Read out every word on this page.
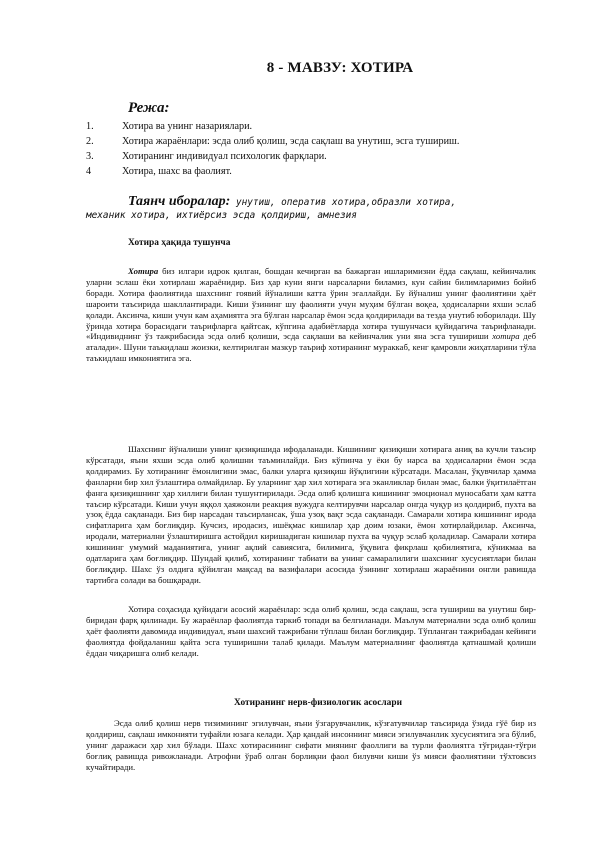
8 - МАВЗУ: ХОТИРА
Режа:
1.	Хотира ва унинг назариялари.
2.	Хотира жараёнлари: эсда олиб қолиш, эсда сақлаш ва унутиш, эсга тушириш.
3.	Хотиранинг индивидуал психологик фарқлари.
4	Хотира, шахс ва фаолият.
Таянч иборалар: унутиш, оператив хотира,образли хотира,
механик хотира, ихтиёрсиз эсда қолдириш, амнезия
Хотира ҳақида тушунча

Хотира биз илгари идрок қилган, бошдан кечирган ва бажарган ишларимизни ёдда сақлаш, кейинчалик уларни эслаш ёки хотирлаш жараёнидир. Биз ҳар куни янги нарсаларни биламиз, кун сайин билимларимиз бойиб боради. Хотира фаолиятида шахснинг гоявий йўналиши катта ўрин эгаллайди. Бу йўналиш унинг фаолиятини ҳаёт шароити таъсирида шакллантиради. Киши ўзининг шу фаолияти учун муҳим бўлган воқеа, ҳодисаларни яхши эслаб қолади. Аксинча, киши учун кам аҳамиятга эга бўлган нарсалар ёмон эсда қолдирилади ва тезда унутиб юборилади. Шу ўринда хотира борасидаги таърифларга қайтсак, кўпгина адабиётларда хотира тушунчаси қуйидагича таърифланади. «Индивиднинг ўз тажрибасида эсда олиб қолиши, эсда сақлаши ва кейинчалик уни яна эсга тушириши хотира деб аталади». Шуни таъкидлаш жоизки, келтирилган мазкур таъриф хотиранинг мураккаб, кенг қамровли жиҳатларини тўла таъкидлаш имкониятига эга.

Шахснинг йўналиши унинг қизиқишида ифодаланади. Кишининг қизиқиши хотирага аниқ ва кучли таъсир кўрсатади, яъни яхши эсда олиб қолишни таъминлайди. Биз кўпинча у ёки бу нарса ва ҳодисаларни ёмон эсда қолдирамиз. Бу хотиранинг ёмонлигини эмас, балки уларга қизиқиш йўқлигини кўрсатади. Масалан, ўқувчилар ҳамма фанларни бир хил ўзлаштира олмайдилар. Бу уларнинг ҳар хил хотирага эга эканликлар билан эмас, балки ўқитилаётган фанга қизиқишнинг ҳар хиллиги билан тушунтирилади. Эсда олиб қолишга кишининг эмоционал муносабати ҳам катта таъсир кўрсатади. Киши учун яққол ҳаяжонли реакция вужудга келтирувчи нарсалар онгда чуқур из қолдириб, пухта ва узоқ ёдда сақланади. Биз бир нарсадан таъсирлансак, ўша узоқ вақт эсда сақланади. Самарали хотира кишининг ирода сифатларига ҳам боғлиқдир. Кучсиз, иродасиз, ишёқмас кишилар ҳар доим юзаки, ёмон хотирлайдилар. Аксинча, иродали, материални ўзлаштиришга астойдил киришадиган кишилар пухта ва чуқур эслаб қоладилар. Самарали хотира кишининг умумий маданиятига, унинг ақлий савиясига, билимига, ўқувига фикрлаш қобилиятига, кўникмаа ва одатларига ҳам боғлиқдир. Шундай қилиб, хотиранинг табиати ва унинг самаралилиги шахснинг хусусиятлари билан боғлиқдир. Шахс ўз олдига қўйилган мақсад ва вазифалари асосида ўзининг хотирлаш жараёнини онгли равишда тартибга солади ва бошқаради.

Хотира соҳасида қуйидаги асосий жараёнлар: эсда олиб қолиш, эсда сақлаш, эсга тушириш ва унутиш бир-биридан фарқ қилинади. Бу жараёнлар фаолиятда таркиб топади ва белгиланади. Маълум материални эсда олиб қолиш ҳаёт фаолияти давомида индивидуал, яъни шахсий тажрибани тўплаш билан боғлиқдир. Тўпланган тажрибадан кейинги фаолиятда фойдаланиш қайта эсга туширишни талаб қилади. Маълум материалнинг фаолиятда қатнашмай қолиши ёддан чиқаришга олиб келади.

Хотиранинг нерв-физиологик асослари

Эсда олиб қолиш нерв тизимининг эгилувчан, яъни ўзгарувчанлик, кўзғатувчилар таъсирида ўзида гўё бир из қолдириш, сақлаш имконияти туфайли юзага келади. Ҳар қандай инсоннинг мияси эгилувчанлик хусусиятига эга бўлиб, унинг даражаси ҳар хил бўлади. Шахс хотирасининг сифати миянинг фаоллиги ва турли фаолиятга тўғридан-тўғри боғлиқ равишда ривожланади. Атрофни ўраб олган борлиқни фаол билувчи киши ўз мияси фаолиятини тўхтовсиз кучайтиради.
